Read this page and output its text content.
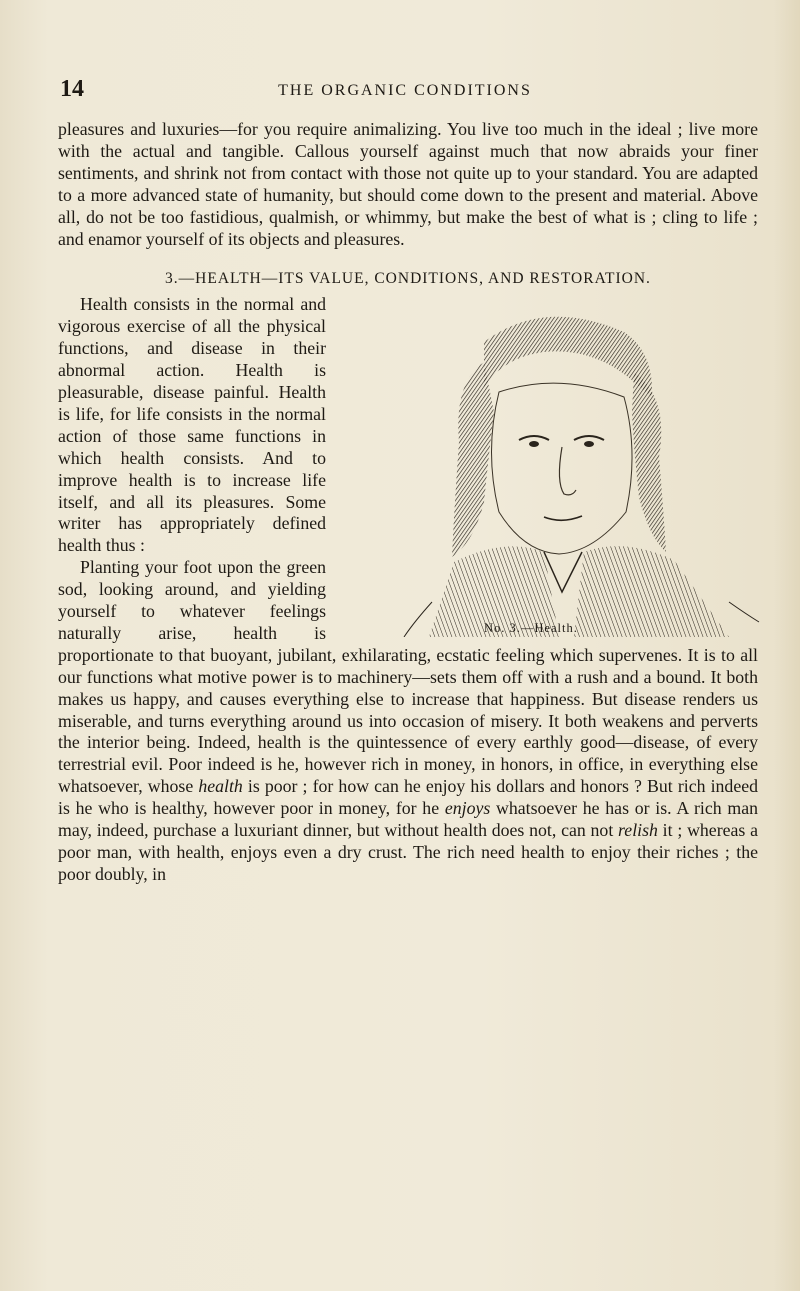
14	THE ORGANIC CONDITIONS

pleasures and luxuries—for you require animalizing. You live too much in the ideal ; live more with the actual and tangible. Callous yourself against much that now abraids your finer sentiments, and shrink not from contact with those not quite up to your standard. You are adapted to a more advanced state of humanity, but should come down to the present and material. Above all, do not be too fastidious, qualmish, or whimmy, but make the best of what is ; cling to life ; and enamor yourself of its objects and pleasures.

3.—HEALTH—ITS VALUE, CONDITIONS, AND RESTORATION.

No. 3.—Health.
Health consists in the normal and vigorous exercise of all the physical functions, and disease in their abnormal action. Health is pleasurable, disease painful. Health is life, for life consists in the normal action of those same functions in which health consists. And to improve health is to increase life itself, and all its pleasures. Some writer has appropriately defined health thus :

Planting your foot upon the green sod, looking around, and yielding yourself to whatever feelings naturally arise, health is proportionate to that buoyant, jubilant, exhilarating, ecstatic feeling which supervenes. It is to all our functions what motive power is to machinery—sets them off with a rush and a bound. It both makes us happy, and causes everything else to increase that happiness. But disease renders us miserable, and turns everything around us into occasion of misery. It both weakens and perverts the interior being. Indeed, health is the quintessence of every earthly good—disease, of every terrestrial evil. Poor indeed is he, however rich in money, in honors, in office, in everything else whatsoever, whose health is poor ; for how can he enjoy his dollars and honors ? But rich indeed is he who is healthy, however poor in money, for he enjoys whatsoever he has or is. A rich man may, indeed, purchase a luxuriant dinner, but without health does not, can not relish it ; whereas a poor man, with health, enjoys even a dry crust. The rich need health to enjoy their riches ; the poor doubly, in
